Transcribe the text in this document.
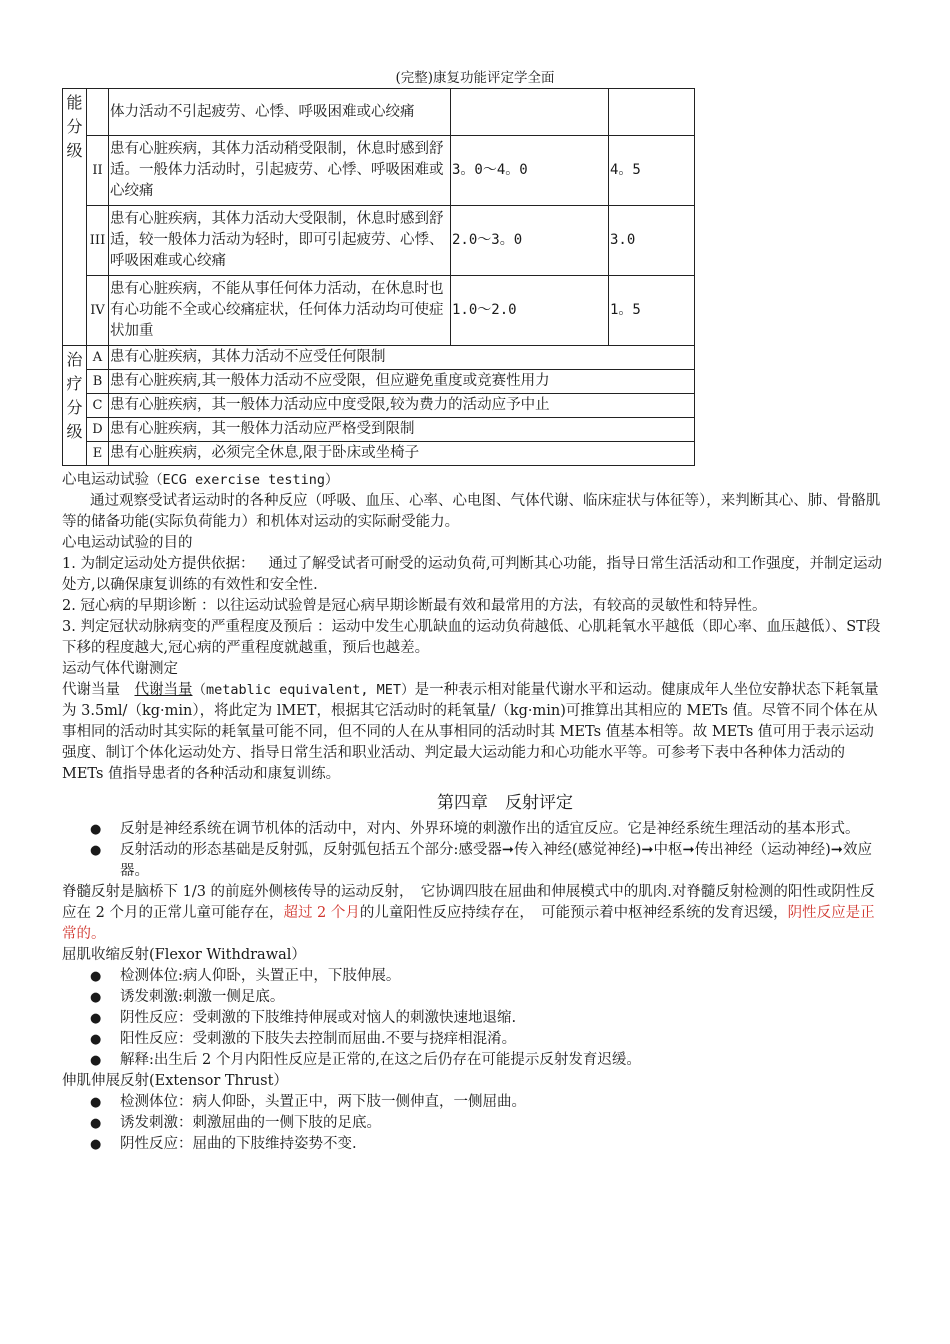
(完整)康复功能评定学全面
能分级		体力活动不引起疲劳、心悸、呼吸困难或心绞痛		
	II	患有心脏疾病，其体力活动稍受限制，休息时感到舒适。一般体力活动时，引起疲劳、心悸、呼吸困难或心绞痛	3。0～4。0	4。5
	III	患有心脏疾病，其体力活动大受限制，休息时感到舒适，较一般体力活动为轻时，即可引起疲劳、心悸、呼吸困难或心绞痛	2.0～3。0	3.0
	IV	患有心脏疾病，不能从事任何体力活动，在休息时也有心功能不全或心绞痛症状，任何体力活动均可使症状加重	1.0～2.0	1。5
治疗分级	A	患有心脏疾病，其体力活动不应受任何限制		
	B	患有心脏疾病,其一般体力活动不应受限，但应避免重度或竞赛性用力		
	C	患有心脏疾病，其一般体力活动应中度受限,较为费力的活动应予中止		
	D	患有心脏疾病，其一般体力活动应严格受到限制		
	E	患有心脏疾病，必须完全休息,限于卧床或坐椅子		

心电运动试验（ECG exercise testing）

通过观察受试者运动时的各种反应（呼吸、血压、心率、心电图、气体代谢、临床症状与体征等），来判断其心、肺、骨骼肌等的储备功能(实际负荷能力）和机体对运动的实际耐受能力。

心电运动试验的目的

1. 为制定运动处方提供依据： 通过了解受试者可耐受的运动负荷,可判断其心功能，指导日常生活活动和工作强度，并制定运动处方,以确保康复训练的有效性和安全性.

2. 冠心病的早期诊断 ：以往运动试验曾是冠心病早期诊断最有效和最常用的方法，有较高的灵敏性和特异性。

3. 判定冠状动脉病变的严重程度及预后 ：运动中发生心肌缺血的运动负荷越低、心肌耗氧水平越低（即心率、血压越低）、ST段下移的程度越大,冠心病的严重程度就越重，预后也越差。

运动气体代谢测定

代谢当量　 代谢当量（metablic equivalent, MET）是一种表示相对能量代谢水平和运动。健康成年人坐位安静状态下耗氧量为 3.5ml/（kg·min），将此定为 lMET，根据其它活动时的耗氧量/（kg·min)可推算出其相应的 METs 值。尽管不同个体在从事相同的活动时其实际的耗氧量可能不同，但不同的人在从事相同的活动时其 METs 值基本相等。故 METs 值可用于表示运动强度、制订个体化运动处方、指导日常生活和职业活动、判定最大运动能力和心功能水平等。可参考下表中各种体力活动的 METs 值指导患者的各种活动和康复训练。

第四章　反射评定

● 反射是神经系统在调节机体的活动中，对内、外界环境的刺激作出的适宜反应。它是神经系统生理活动的基本形式。
● 反射活动的形态基础是反射弧，反射弧包括五个部分:感受器➞传入神经(感觉神经)➞中枢➞传出神经（运动神经)➞效应器。

脊髓反射是脑桥下 1/3 的前庭外侧核传导的运动反射，　它协调四肢在屈曲和伸展模式中的肌肉.对脊髓反射检测的阳性或阴性反应在 2 个月的正常儿童可能存在，超过 2 个月的儿童阳性反应持续存在，　可能预示着中枢神经系统的发育迟缓，阴性反应是正常的。

屈肌收缩反射(Flexor Withdrawal）

● 检测体位:病人仰卧，头置正中，下肢伸展。
● 诱发刺激:刺激一侧足底。
● 阴性反应：受刺激的下肢维持伸展或对恼人的刺激快速地退缩.
● 阳性反应：受刺激的下肢失去控制而屈曲.不要与挠痒相混淆。
● 解释:出生后 2 个月内阳性反应是正常的,在这之后仍存在可能提示反射发育迟缓。

伸肌伸展反射(Extensor Thrust）

● 检测体位：病人仰卧，头置正中，两下肢一侧伸直，一侧屈曲。
● 诱发刺激：刺激屈曲的一侧下肢的足底。
● 阴性反应：屈曲的下肢维持姿势不变.
